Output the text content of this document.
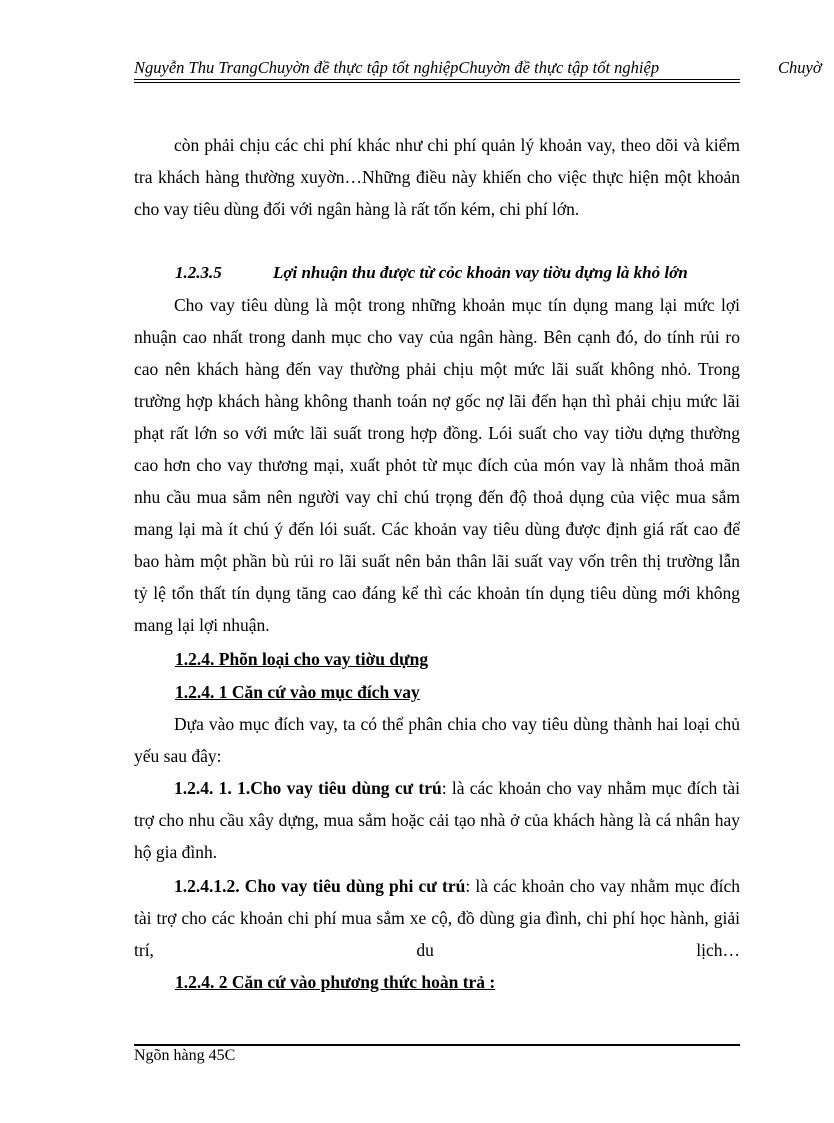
Nguyễn Thu TrangChuyờn đề thực tập tốt nghiệpChuyờn đề thực tập tốt nghiệp	Chuyờ

còn phải chịu các chi phí khác như chi phí quản lý khoản vay, theo dõi và kiểm tra khách hàng thường xuyờn…Những điều này khiến cho việc thực hiện một khoản cho vay tiêu dùng đối với ngân hàng là rất tốn kém, chi phí lớn.

1.2.3.5	Lợi nhuận thu được từ cỏc khoản vay tiờu dựng là khỏ lớn

Cho vay tiêu dùng là một trong những khoản mục tín dụng mang lại mức lợi nhuận cao nhất trong danh mục cho vay của ngân hàng. Bên cạnh đó, do tính rủi ro cao nên khách hàng đến vay thường phải chịu một mức lãi suất không nhỏ. Trong trường hợp khách hàng không thanh toán nợ gốc nợ lãi đến hạn thì phải chịu mức lãi phạt rất lớn so với mức lãi suất trong hợp đồng. Lói suất cho vay tiờu dựng thường cao hơn cho vay thương mại, xuất phỏt từ mục đích của món vay là nhằm thoả mãn nhu cầu mua sắm nên người vay chỉ chú trọng đến độ thoả dụng của việc mua sắm mang lại mà ít chú ý đến lói suất. Các khoản vay tiêu dùng được định giá rất cao để bao hàm một phần bù rủi ro lãi suất nên bản thân lãi suất vay vốn trên thị trường lẫn tỷ lệ tổn thất tín dụng tăng cao đáng kể thì các khoản tín dụng tiêu dùng mới không mang lại lợi nhuận.

1.2.4. Phõn loại cho vay tiờu dựng
1.2.4. 1 Căn cứ vào mục đích vay

Dựa vào mục đích vay, ta có thể phân chia cho vay tiêu dùng thành hai loại chủ yếu sau đây:

1.2.4. 1. 1.Cho vay tiêu dùng cư trú: là các khoản cho vay nhằm mục đích tài trợ cho nhu cầu xây dựng, mua sắm hoặc cải tạo nhà ở của khách hàng là cá nhân hay hộ gia đình.

1.2.4.1.2. Cho vay tiêu dùng phi cư trú: là các khoản cho vay nhằm mục đích tài trợ cho các khoản chi phí mua sắm xe cộ, đồ dùng gia đình, chi phí học hành, giải trí, du lịch…

1.2.4. 2 Căn cứ vào phương thức hoàn trả :
Ngõn hàng 45C
